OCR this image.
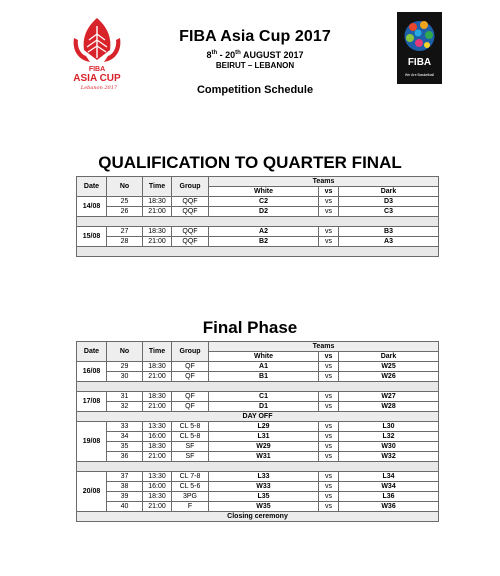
FIBA
ASIA CUP
Lebanon 2017
FIBA
We Are Basketball
FIBA Asia Cup 2017
8th - 20th AUGUST 2017
BEIRUT – LEBANON
Competition Schedule
QUALIFICATION TO QUARTER FINAL
Date	No	Time	Group	Teams		
				White	vs	Dark
14/08	25	18:30	QQF	C2	vs	D3
	26	21:00	QQF	D2	vs	C3

15/08	27	18:30	QQF	A2	vs	B3
	28	21:00	QQF	B2	vs	A3

Final Phase
Date	No	Time	Group	Teams		
				White	vs	Dark
16/08	29	18:30	QF	A1	vs	W25
	30	21:00	QF	B1	vs	W26

17/08	31	18:30	QF	C1	vs	W27
	32	21:00	QF	D1	vs	W28
DAY OFF						
19/08	33	13:30	CL 5-8	L29	vs	L30
	34	16:00	CL 5-8	L31	vs	L32
	35	18:30	SF	W29	vs	W30
	36	21:00	SF	W31	vs	W32

20/08	37	13:30	CL 7-8	L33	vs	L34
	38	16:00	CL 5-6	W33	vs	W34
	39	18:30	3PG	L35	vs	L36
	40	21:00	F	W35	vs	W36
Closing ceremony						
